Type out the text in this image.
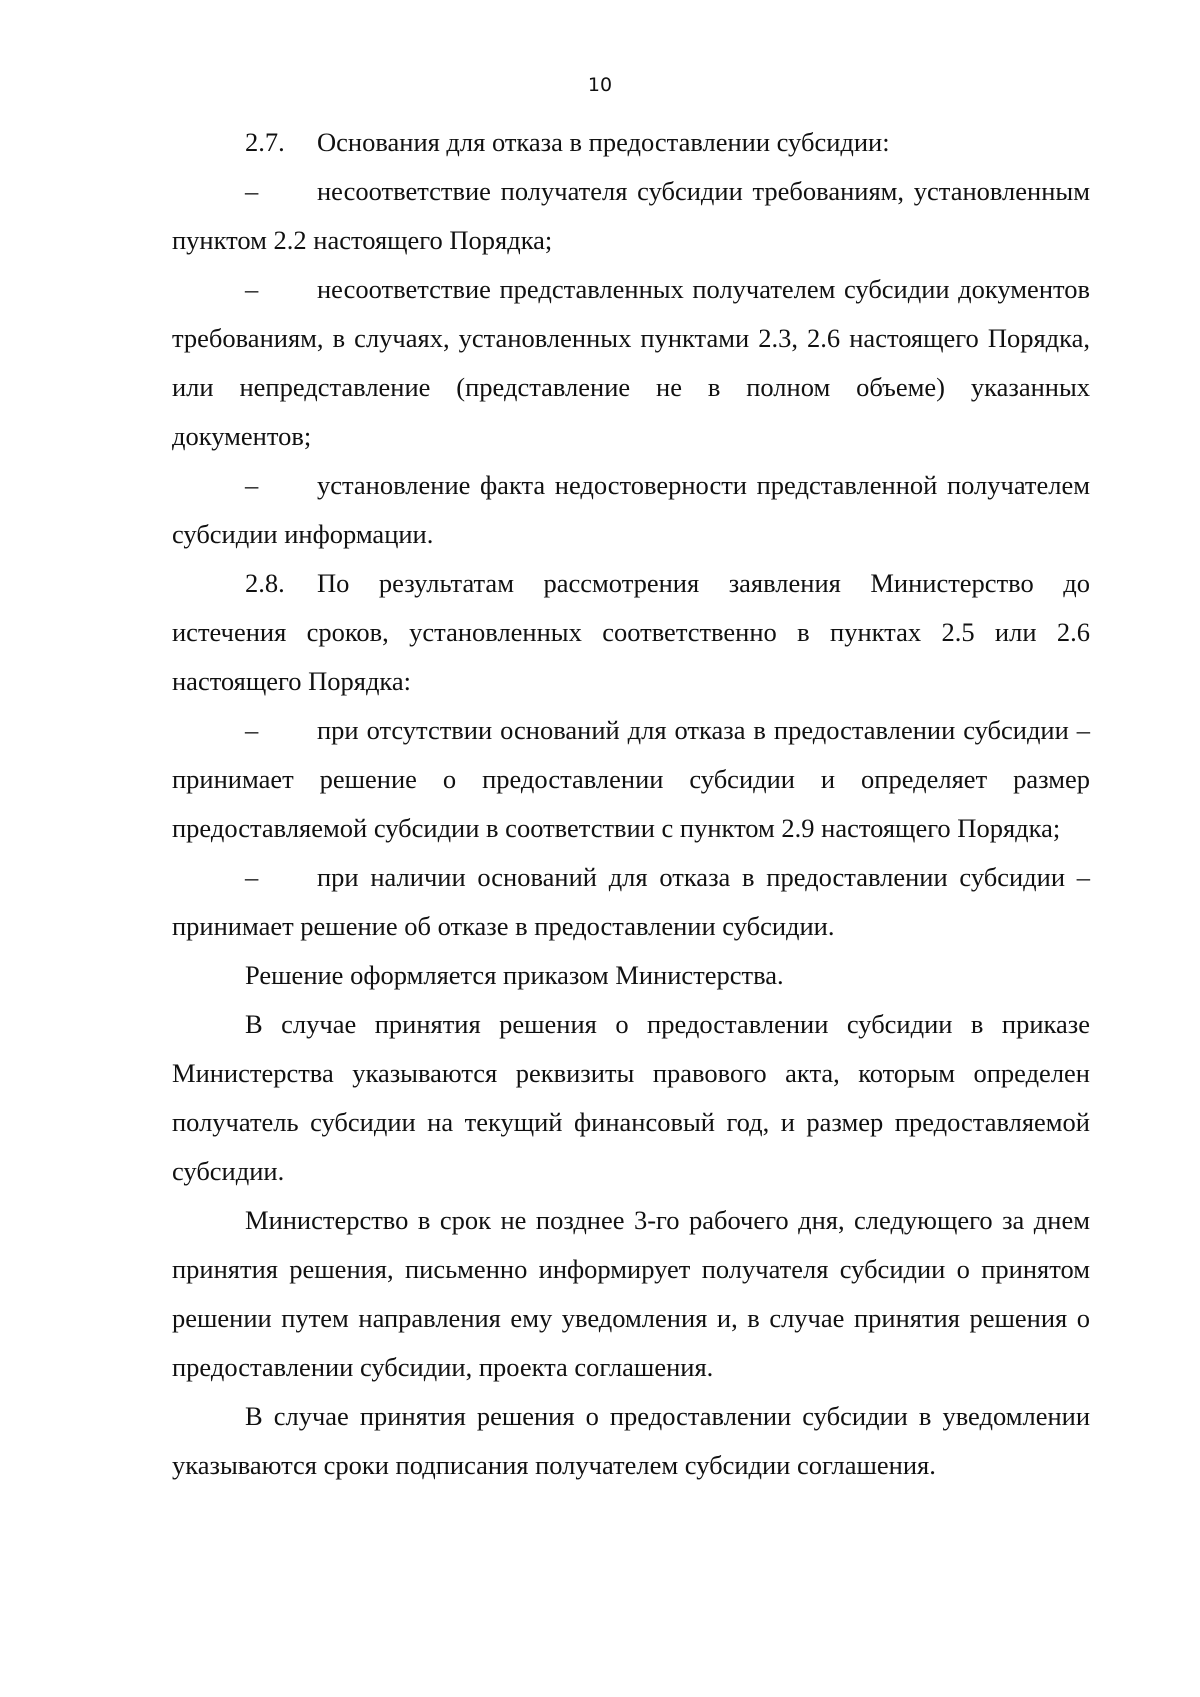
10

2.7. Основания для отказа в предоставлении субсидии:

– несоответствие получателя субсидии требованиям, установленным пунктом 2.2 настоящего Порядка;

– несоответствие представленных получателем субсидии документов требованиям, в случаях, установленных пунктами 2.3, 2.6 настоящего Порядка, или непредставление (представление не в полном объеме) указанных документов;

– установление факта недостоверности представленной получателем субсидии информации.

2.8. По результатам рассмотрения заявления Министерство до истечения сроков, установленных соответственно в пунктах 2.5 или 2.6 настоящего Порядка:

– при отсутствии оснований для отказа в предоставлении субсидии – принимает решение о предоставлении субсидии и определяет размер предоставляемой субсидии в соответствии с пунктом 2.9 настоящего Порядка;

– при наличии оснований для отказа в предоставлении субсидии – принимает решение об отказе в предоставлении субсидии.

Решение оформляется приказом Министерства.

В случае принятия решения о предоставлении субсидии в приказе Министерства указываются реквизиты правового акта, которым определен получатель субсидии на текущий финансовый год, и размер предоставляемой субсидии.

Министерство в срок не позднее 3-го рабочего дня, следующего за днем принятия решения, письменно информирует получателя субсидии о принятом решении путем направления ему уведомления и, в случае принятия решения о предоставлении субсидии, проекта соглашения.

В случае принятия решения о предоставлении субсидии в уведомлении указываются сроки подписания получателем субсидии соглашения.
